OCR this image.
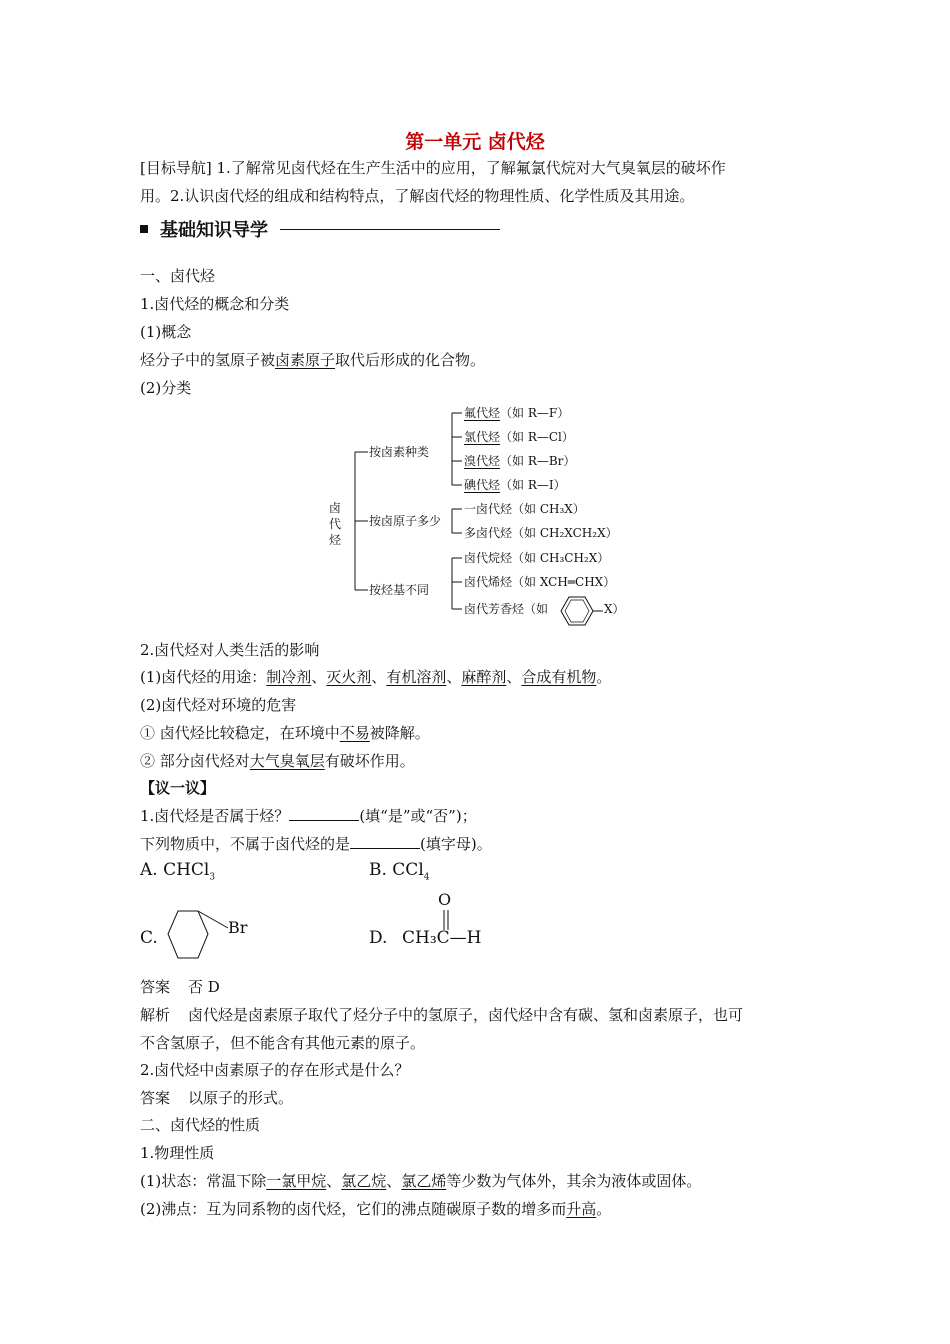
第一单元 卤代烃
[目标导航] 1.了解常见卤代烃在生产生活中的应用，了解氟氯代烷对大气臭氧层的破坏作
用。2.认识卤代烃的组成和结构特点，了解卤代烃的物理性质、化学性质及其用途。
基础知识导学
一、卤代烃
1.卤代烃的概念和分类
(1)概念
烃分子中的氢原子被卤素原子取代后形成的化合物。
(2)分类
卤代烃
按卤素种类
按卤原子多少
按烃基不同
氟代烃（如 R—F）
氯代烃（如 R—Cl）
溴代烃（如 R—Br）
碘代烃（如 R—I）
一卤代烃（如 CH₃X）
多卤代烃（如 CH₂XCH₂X）
卤代烷烃（如 CH₃CH₂X）
卤代烯烃（如 XCH═CHX）
卤代芳香烃（如	X）
2.卤代烃对人类生活的影响
(1)卤代烃的用途：制冷剂、灭火剂、有机溶剂、麻醉剂、合成有机物。
(2)卤代烃对环境的危害
① 卤代烃比较稳定，在环境中不易被降解。
② 部分卤代烃对大气臭氧层有破坏作用。
【议一议】
1.卤代烃是否属于烃？	(填“是”或“否”)；
下列物质中，不属于卤代烃的是	(填字母)。
A. CHCl$_3$	B. CCl$_4$
C.
Br
D. CH₃C—H
O
答案 否 D
解析 卤代烃是卤素原子取代了烃分子中的氢原子，卤代烃中含有碳、氢和卤素原子，也可
不含氢原子，但不能含有其他元素的原子。
2.卤代烃中卤素原子的存在形式是什么？
答案 以原子的形式。
二、卤代烃的性质
1.物理性质
(1)状态：常温下除一氯甲烷、氯乙烷、氯乙烯等少数为气体外，其余为液体或固体。
(2)沸点：互为同系物的卤代烃，它们的沸点随碳原子数的增多而升高。
